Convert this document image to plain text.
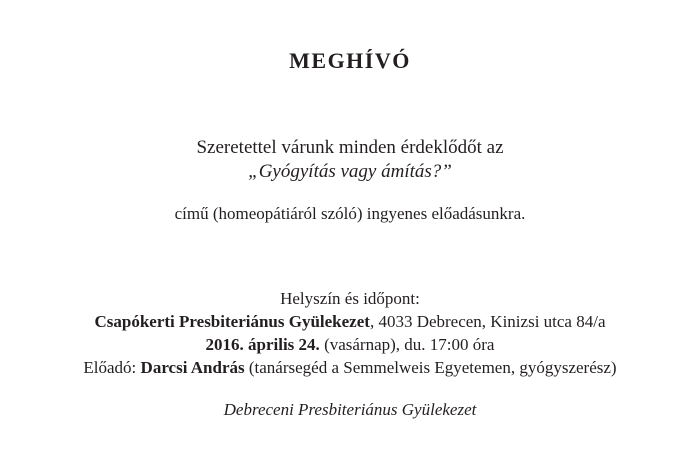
MEGHÍVÓ
Szeretettel várunk minden érdeklődőt az
„Gyógyítás vagy ámítás?”
című (homeopátiáról szóló) ingyenes előadásunkra.
Helyszín és időpont:
Csapókerti Presbiteriánus Gyülekezet, 4033 Debrecen, Kinizsi utca 84/a
2016. április 24. (vasárnap), du. 17:00 óra
Előadó: Darcsi András (tanársegéd a Semmelweis Egyetemen, gyógyszerész)
Debreceni Presbiteriánus Gyülekezet
